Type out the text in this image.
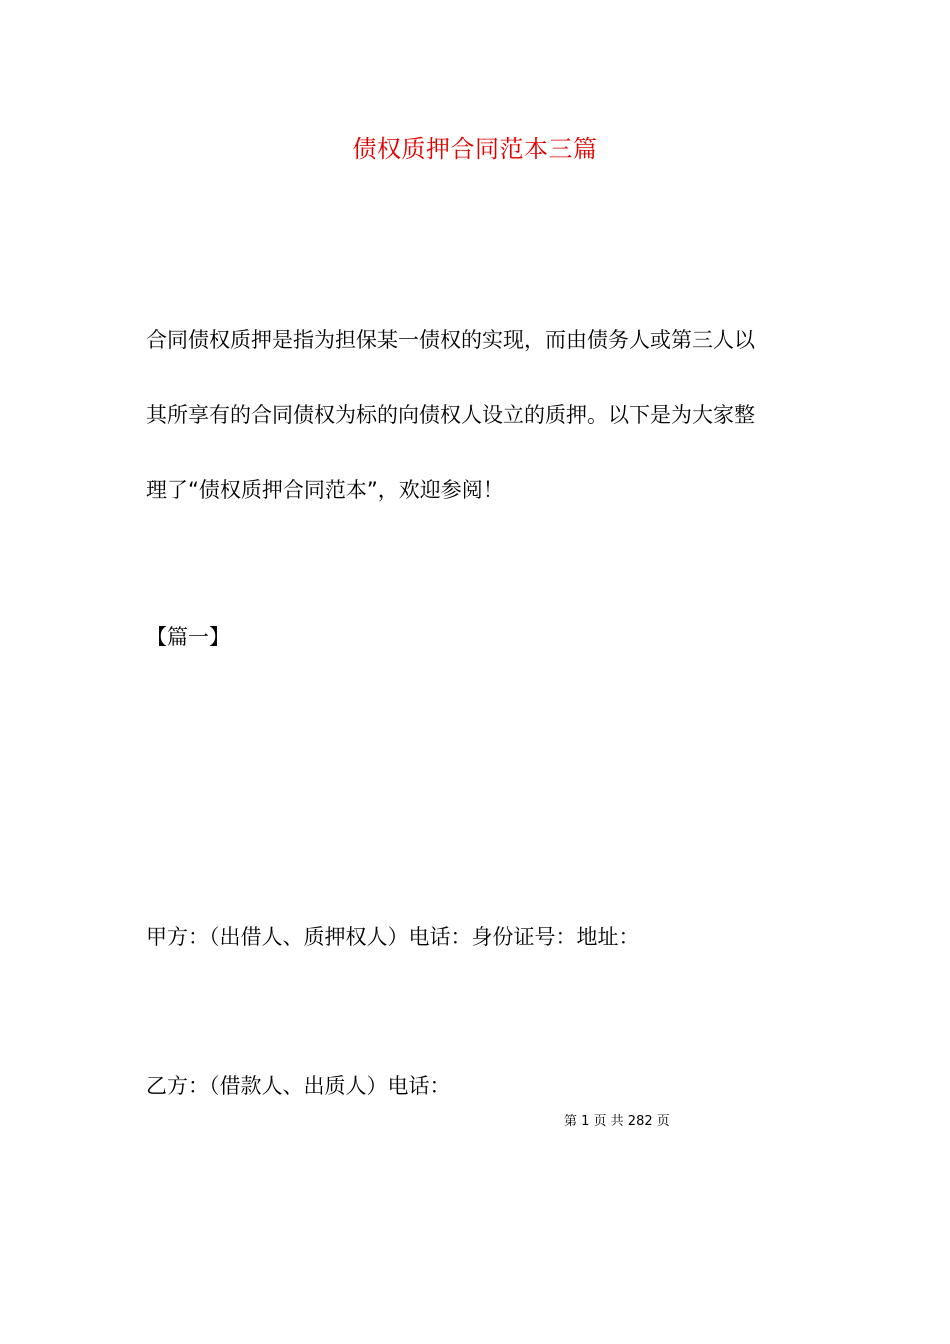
债权质押合同范本三篇
合同债权质押是指为担保某一债权的实现，而由债务人或第三人以
其所享有的合同债权为标的向债权人设立的质押。以下是为大家整
理了“债权质押合同范本”，欢迎参阅！
【篇一】
甲方：（出借人、质押权人）电话：身份证号：地址：
乙方：（借款人、出质人）电话：
第 1 页 共 282 页
